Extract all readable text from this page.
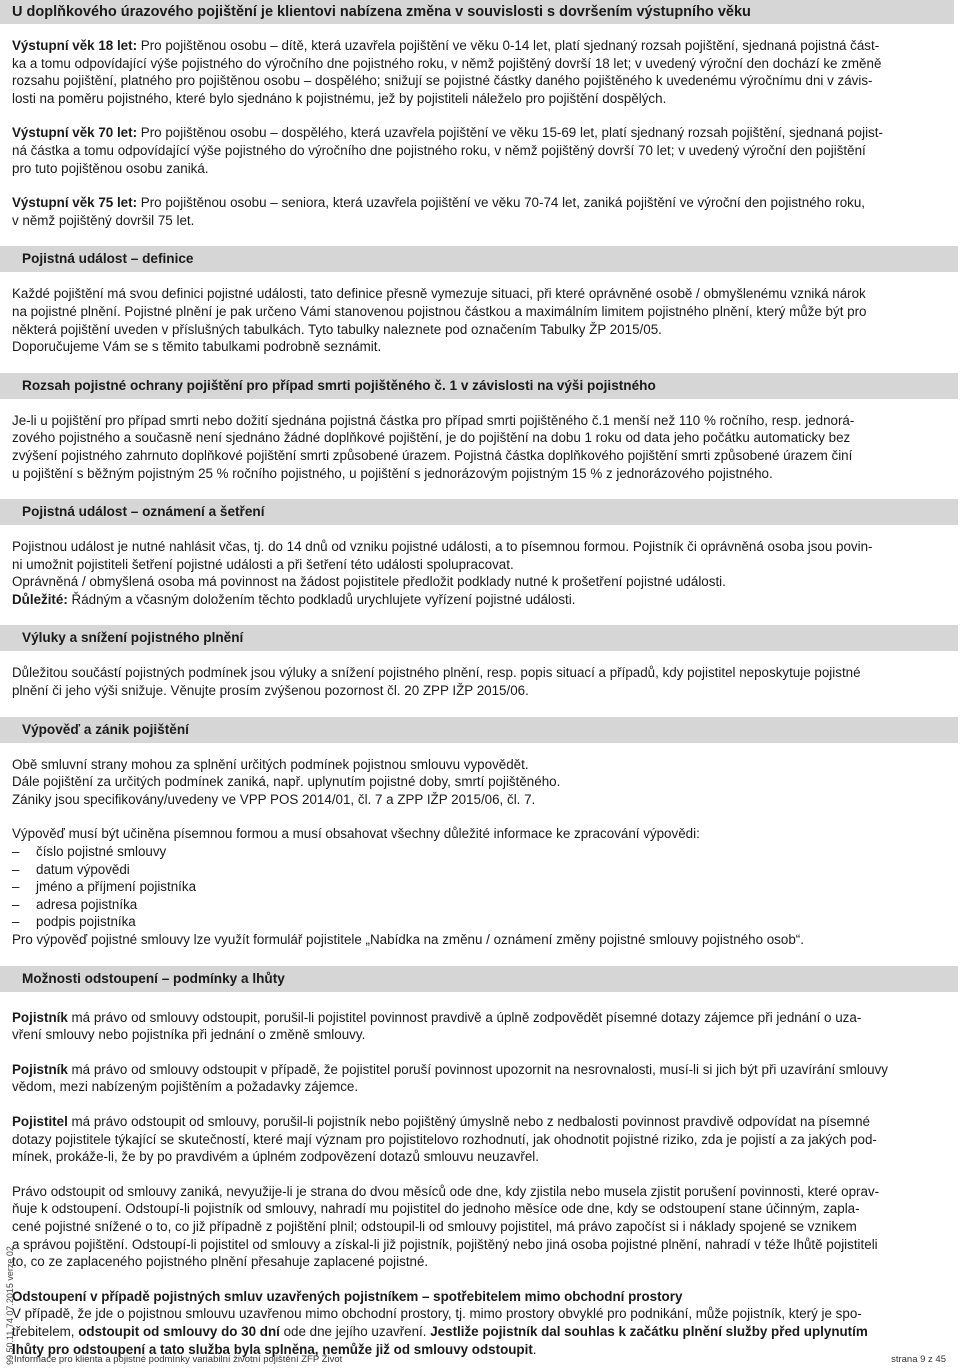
U doplňkového úrazového pojištění je klientovi nabízena změna v souvislosti s dovršením výstupního věku

Výstupní věk 18 let: Pro pojištěnou osobu – dítě, která uzavřela pojištění ve věku 0-14 let, platí sjednaný rozsah pojištění, sjednaná pojistná část-

ka a tomu odpovídající výše pojistného do výročního dne pojistného roku, v němž pojištěný dovrší 18 let; v uvedený výroční den dochází ke změně

rozsahu pojištění, platného pro pojištěnou osobu – dospělého; snižují se pojistné částky daného pojištěného k uvedenému výročnímu dni v závis-

losti na poměru pojistného, které bylo sjednáno k pojistnému, jež by pojistiteli náleželo pro pojištění dospělých.

Výstupní věk 70 let: Pro pojištěnou osobu – dospělého, která uzavřela pojištění ve věku 15-69 let, platí sjednaný rozsah pojištění, sjednaná pojist-

ná částka a tomu odpovídající výše pojistného do výročního dne pojistného roku, v němž pojištěný dovrší 70 let; v uvedený výroční den pojištění

pro tuto pojištěnou osobu zaniká.

Výstupní věk 75 let: Pro pojištěnou osobu – seniora, která uzavřela pojištění ve věku 70-74 let, zaniká pojištění ve výroční den pojistného roku,

v němž pojištěný dovršil 75 let.

Pojistná událost – definice

Každé pojištění má svou definici pojistné události, tato definice přesně vymezuje situaci, při které oprávněné osobě / obmyšlenému vzniká nárok

na pojistné plnění. Pojistné plnění je pak určeno Vámi stanovenou pojistnou částkou a maximálním limitem pojistného plnění, který může být pro

některá pojištění uveden v příslušných tabulkách. Tyto tabulky naleznete pod označením Tabulky ŽP 2015/05.

Doporučujeme Vám se s těmito tabulkami podrobně seznámit.

Rozsah pojistné ochrany pojištění pro případ smrti pojištěného č. 1 v závislosti na výši pojistného

Je-li u pojištění pro případ smrti nebo dožití sjednána pojistná částka pro případ smrti pojištěného č.1 menší než 110 % ročního, resp. jednorá-

zového pojistného a současně není sjednáno žádné doplňkové pojištění, je do pojištění na dobu 1 roku od data jeho počátku automaticky bez

zvýšení pojistného zahrnuto doplňkové pojištění smrti způsobené úrazem. Pojistná částka doplňkového pojištění smrti způsobené úrazem činí

u pojištění s běžným pojistným 25 % ročního pojistného, u pojištění s jednorázovým pojistným 15 % z jednorázového pojistného.

Pojistná událost – oznámení a šetření

Pojistnou událost je nutné nahlásit včas, tj. do 14 dnů od vzniku pojistné události, a to písemnou formou. Pojistník či oprávněná osoba jsou povin-

ni umožnit pojistiteli šetření pojistné události a při šetření této události spolupracovat.

Oprávněná / obmyšlená osoba má povinnost na žádost pojistitele předložit podklady nutné k prošetření pojistné události.

Důležité: Řádným a včasným doložením těchto podkladů urychlujete vyřízení pojistné události.

Výluky a snížení pojistného plnění

Důležitou součástí pojistných podmínek jsou výluky a snížení pojistného plnění, resp. popis situací a případů, kdy pojistitel neposkytuje pojistné

plnění či jeho výši snižuje. Věnujte prosím zvýšenou pozornost čl. 20 ZPP IŽP 2015/06.

Výpověď a zánik pojištění

Obě smluvní strany mohou za splnění určitých podmínek pojistnou smlouvu vypovědět.

Dále pojištění za určitých podmínek zaniká, např. uplynutím pojistné doby, smrtí pojištěného.

Zániky jsou specifikovány/uvedeny ve VPP POS 2014/01, čl. 7 a ZPP IŽP 2015/06, čl. 7.

Výpověď musí být učiněna písemnou formou a musí obsahovat všechny důležité informace ke zpracování výpovědi:

– číslo pojistné smlouvy

– datum výpovědi

– jméno a příjmení pojistníka

– adresa pojistníka

– podpis pojistníka

Pro výpověď pojistné smlouvy lze využít formulář pojistitele „Nabídka na změnu / oznámení změny pojistné smlouvy pojistného osob“.

Možnosti odstoupení – podmínky a lhůty

Pojistník má právo od smlouvy odstoupit, porušil-li pojistitel povinnost pravdivě a úplně zodpovědět písemné dotazy zájemce při jednání o uza-

vření smlouvy nebo pojistníka při jednání o změně smlouvy.

Pojistník má právo od smlouvy odstoupit v případě, že pojistitel poruší povinnost upozornit na nesrovnalosti, musí-li si jich být při uzavírání smlouvy

vědom, mezi nabízeným pojištěním a požadavky zájemce.

Pojistitel má právo odstoupit od smlouvy, porušil-li pojistník nebo pojištěný úmyslně nebo z nedbalosti povinnost pravdivě odpovídat na písemné

dotazy pojistitele týkající se skutečností, které mají význam pro pojistitelovo rozhodnutí, jak ohodnotit pojistné riziko, zda je pojistí a za jakých pod-

mínek, prokáže-li, že by po pravdivém a úplném zodpovězení dotazů smlouvu neuzavřel.

Právo odstoupit od smlouvy zaniká, nevyužije-li je strana do dvou měsíců ode dne, kdy zjistila nebo musela zjistit porušení povinnosti, které oprav-

ňuje k odstoupení. Odstoupí-li pojistník od smlouvy, nahradí mu pojistitel do jednoho měsíce ode dne, kdy se odstoupení stane účinným, zapla-

cené pojistné snížené o to, co již případně z pojištění plnil; odstoupil-li od smlouvy pojistitel, má právo započíst si i náklady spojené se vznikem

a správou pojištění. Odstoupí-li pojistitel od smlouvy a získal-li již pojistník, pojištěný nebo jiná osoba pojistné plnění, nahradí v téže lhůtě pojistiteli

to, co ze zaplaceného pojistného plnění přesahuje zaplacené pojistné.

Odstoupení v případě pojistných smluv uzavřených pojistníkem – spotřebitelem mimo obchodní prostory

V případě, že jde o pojistnou smlouvu uzavřenou mimo obchodní prostory, tj. mimo prostory obvyklé pro podnikání, může pojistník, který je spo-

třebitelem, odstoupit od smlouvy do 30 dní ode dne jejího uzavření. Jestliže pojistník dal souhlas k začátku plnění služby před uplynutím

lhůty pro odstoupení a tato služba byla splněna, nemůže již od smlouvy odstoupit.

99.50.11.74 07.2015 verze 02 Informace pro klienta a pojistné podmínky variabilní životní pojištění ZFP Život	strana 9 z 45
